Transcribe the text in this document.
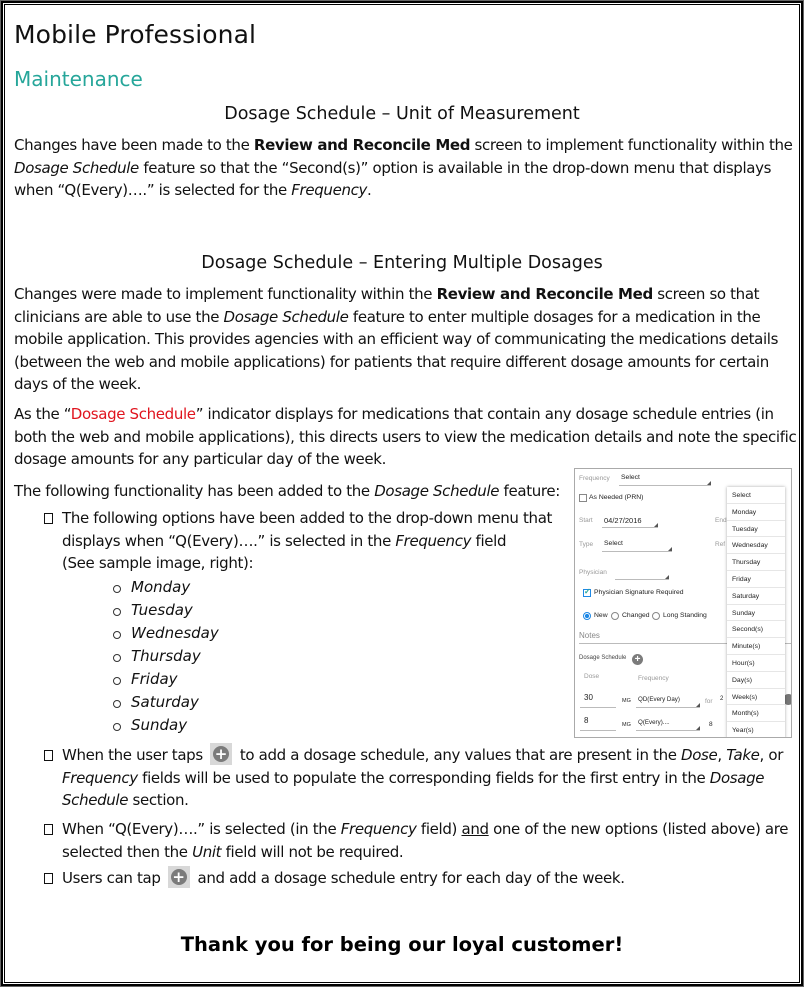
Mobile Professional
Maintenance
Dosage Schedule – Unit of Measurement
Changes have been made to the Review and Reconcile Med screen to implement functionality within the Dosage Schedule feature so that the “Second(s)” option is available in the drop-down menu that displays when “Q(Every)….” is selected for the Frequency.
Dosage Schedule – Entering Multiple Dosages
Changes were made to implement functionality within the Review and Reconcile Med screen so that clinicians are able to use the Dosage Schedule feature to enter multiple dosages for a medication in the mobile application. This provides agencies with an efficient way of communicating the medications details (between the web and mobile applications) for patients that require different dosage amounts for certain days of the week.
As the “Dosage Schedule” indicator displays for medications that contain any dosage schedule entries (in both the web and mobile applications), this directs users to view the medication details and note the specific dosage amounts for any particular day of the week.
The following functionality has been added to the Dosage Schedule feature:
The following options have been added to the drop-down menu that
displays when “Q(Every)….” is selected in the Frequency field
(See sample image, right):
Monday
Tuesday
Wednesday
Thursday
Friday
Saturday
Sunday
When the user taps + to add a dosage schedule, any values that are present in the Dose, Take, or
Frequency fields will be used to populate the corresponding fields for the first entry in the Dosage
Schedule section.
When “Q(Every)….” is selected (in the Frequency field) and one of the new options (listed above) are
selected then the Unit field will not be required.
Users can tap + and add a dosage schedule entry for each day of the week.
Frequency Select
As Needed (PRN)
Start 04/27/2016	End
Type Select	Ref
Physician
✓ Physician Signature Required
New Changed Long Standing
Notes
Dosage Schedule +
Dose	Frequency
30	MG QD(Every Day)	for 2
8	MG Q(Every)....	8
Select
Monday
Tuesday
Wednesday
Thursday
Friday
Saturday
Sunday
Second(s)
Minute(s)
Hour(s)
Day(s)
Week(s)
Month(s)
Year(s)
Thank you for being our loyal customer!
